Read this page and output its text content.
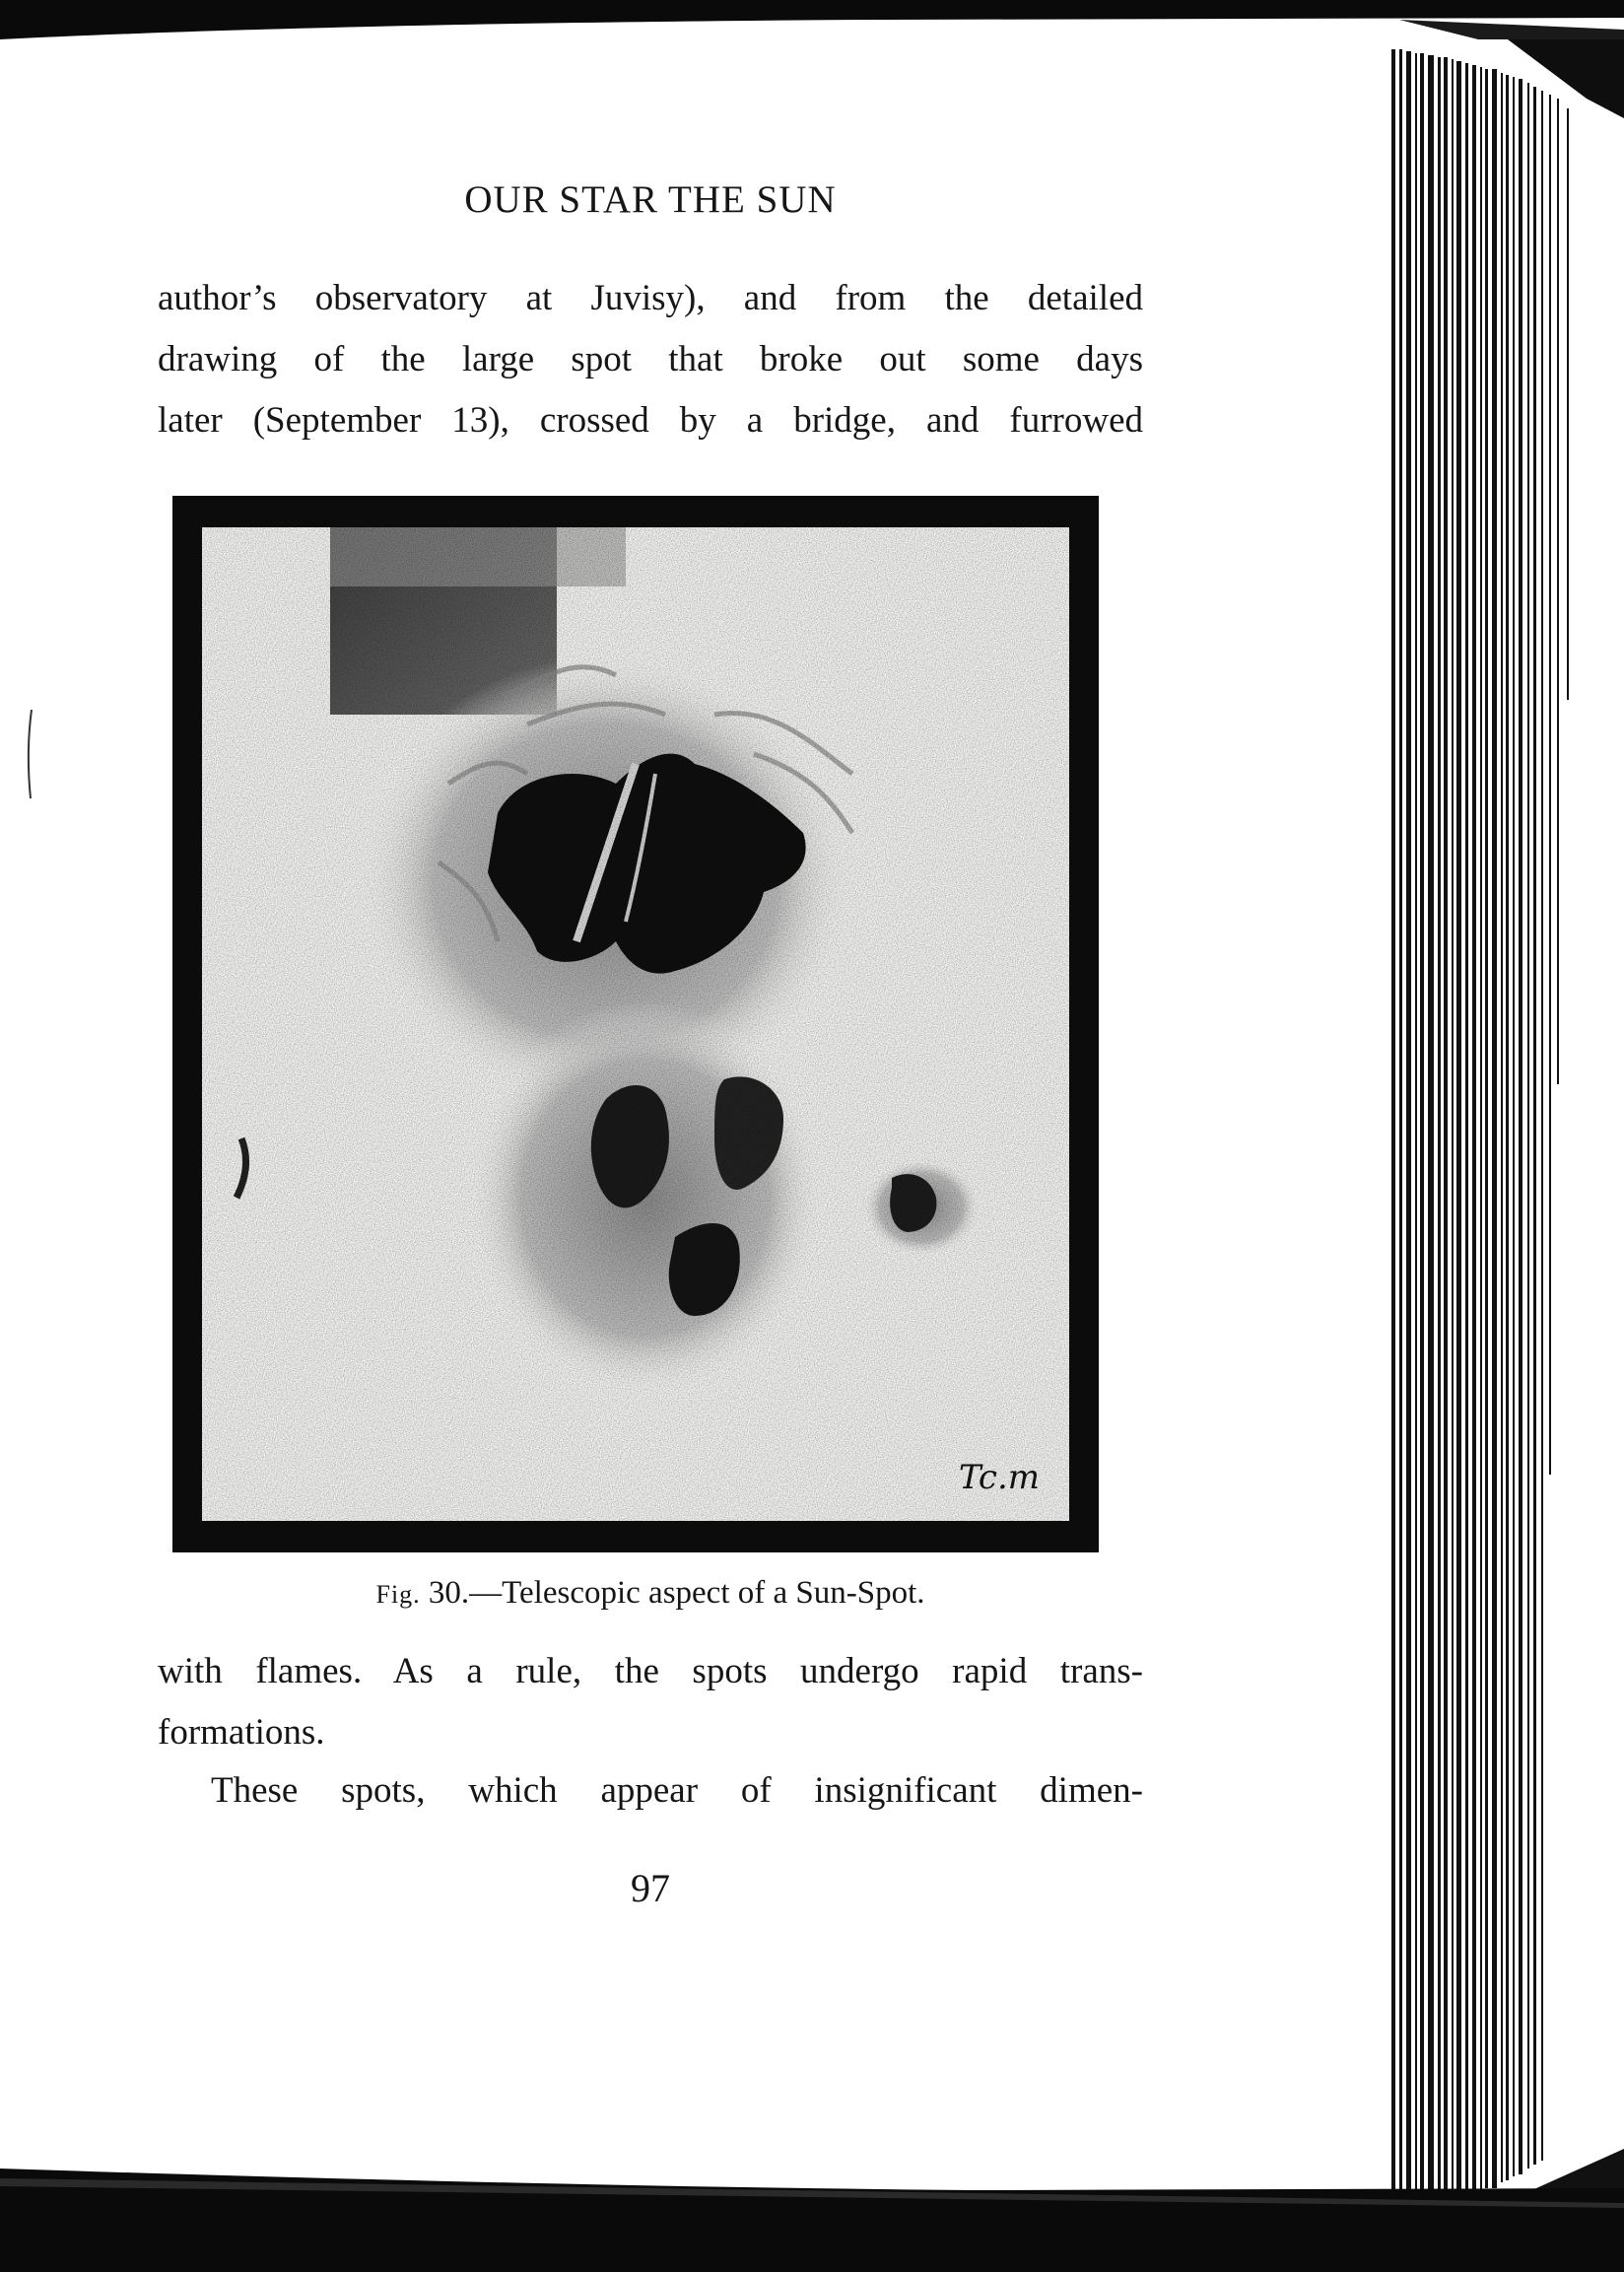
OUR STAR THE SUN
author’s observatory at Juvisy), and from the detailed
drawing of the large spot that broke out some days
later (September 13), crossed by a bridge, and furrowed
Tc.m
Fig. 30.—Telescopic aspect of a Sun-Spot.
with flames. As a rule, the spots undergo rapid trans-
formations.
These spots, which appear of insignificant dimen-
97
